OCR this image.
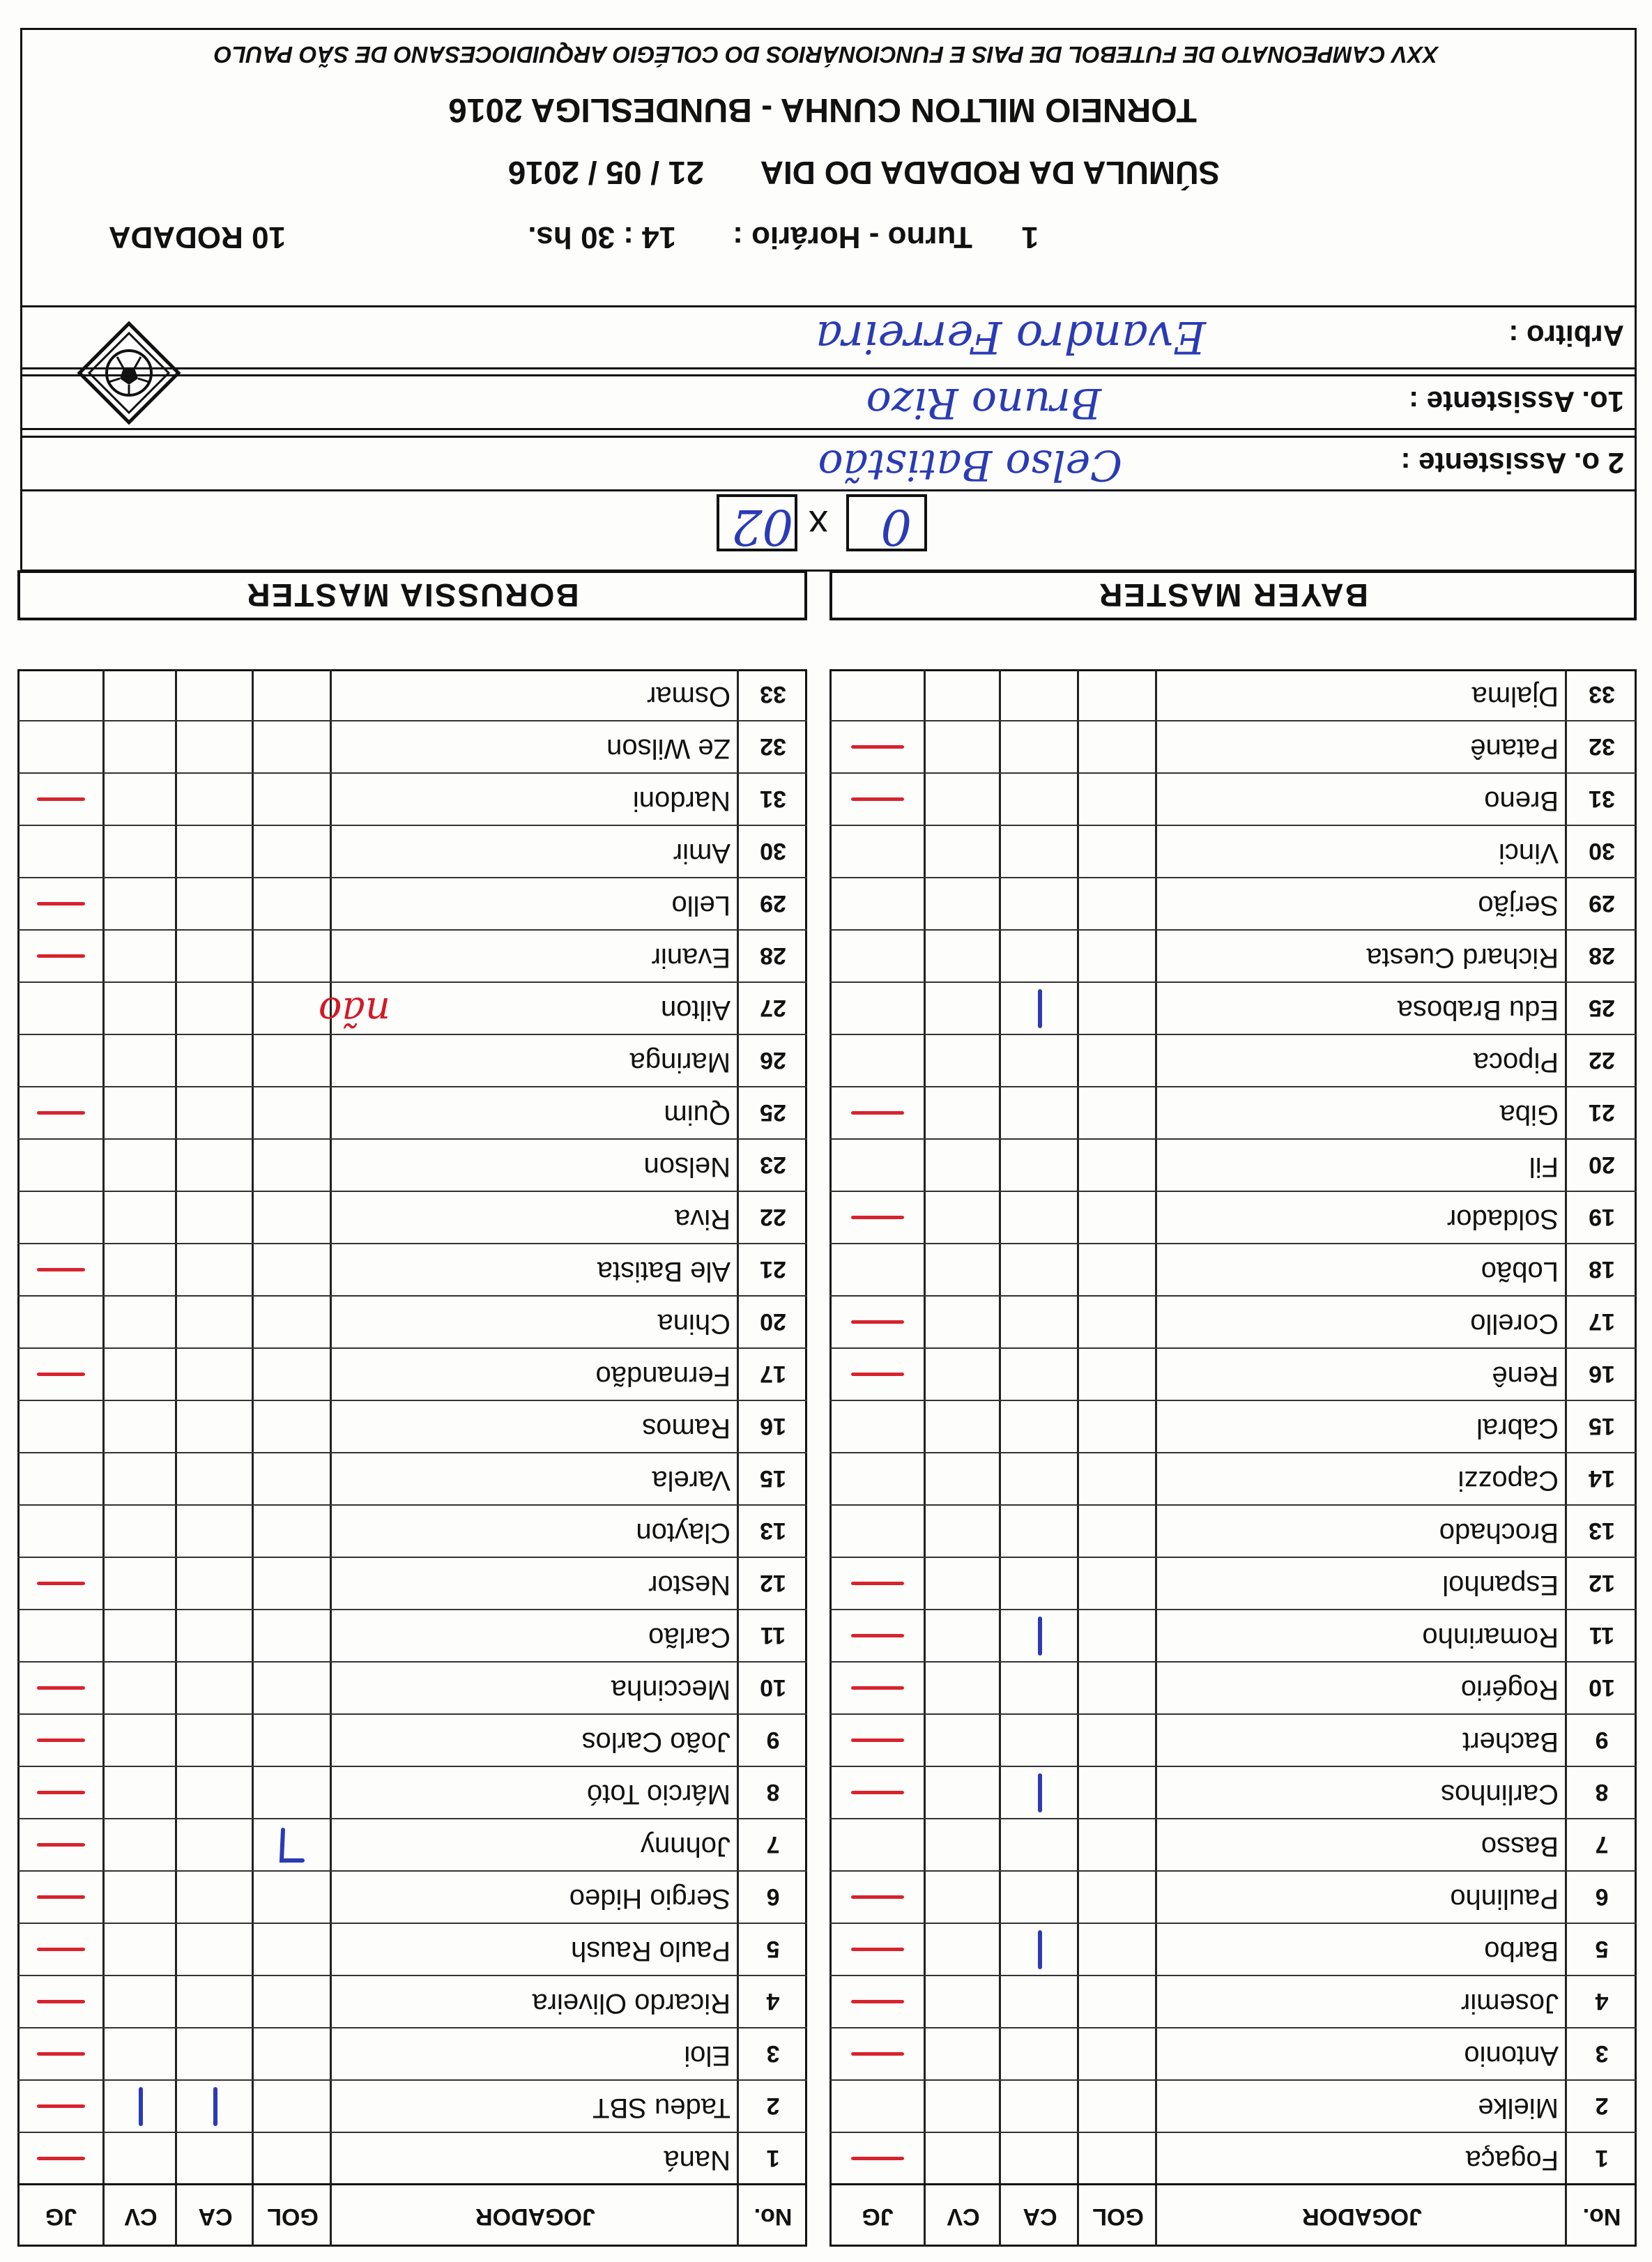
XXV CAMPEONATO DE FUTEBOL DE PAIS E FUNCIONÁRIOS DO COLÉGIO ARQUIDIOCESANO DE SÃO PAULO
TORNEIO MILTON CUNHA - BUNDESLIGA 2016
SÚMULA DA RODADA DO DIA
21 / 05 / 2016
1
Turno - Horário :
14 : 30 hs.
10 RODADA
Arbitro :
Evandro Ferreira
1o. Assistente :
Bruno Rizo
2 o. Assistente :
Celso Batistão
0
x
02
BAYER MASTER
BORUSSIA MASTER
No.
JOGADOR
GOL
CA
CV
JG
1
Fogaça
2
Mielke
3
Antonio
4
Josemir
5
Barbo
6
Paulinho
7
Basso
8
Carlinhos
9
Bachert
10
Rogério
11
Romarinho
12
Espanhol
13
Brochado
14
Capozzi
15
Cabral
16
Renê
17
Corello
18
Lobão
19
Soldador
20
Fil
21
Giba
22
Pipoca
25
Edu Brabosa
28
Richard Cuesta
29
Serjão
30
Vinci
31
Breno
32
Patanê
33
Djalma
No.
JOGADOR
GOL
CA
CV
JG
1
Naná
2
Tadeu SBT
3
Eloi
4
Ricardo Oliveira
5
Paulo Raush
6
Sergio Hideo
7
Johnny
8
Márcio Totó
9
João Carlos
10
Meccinha
11
Carlão
12
Nestor
13
Clayton
15
Varela
16
Ramos
17
Fernandão
20
China
21
Ale Batista
22
Riva
23
Nelson
25
Quim
26
Maringa
27
Ailton
28
Evanir
29
Lello
30
Amir
31
Nardoni
32
Ze Wilson
33
Osmar
não
